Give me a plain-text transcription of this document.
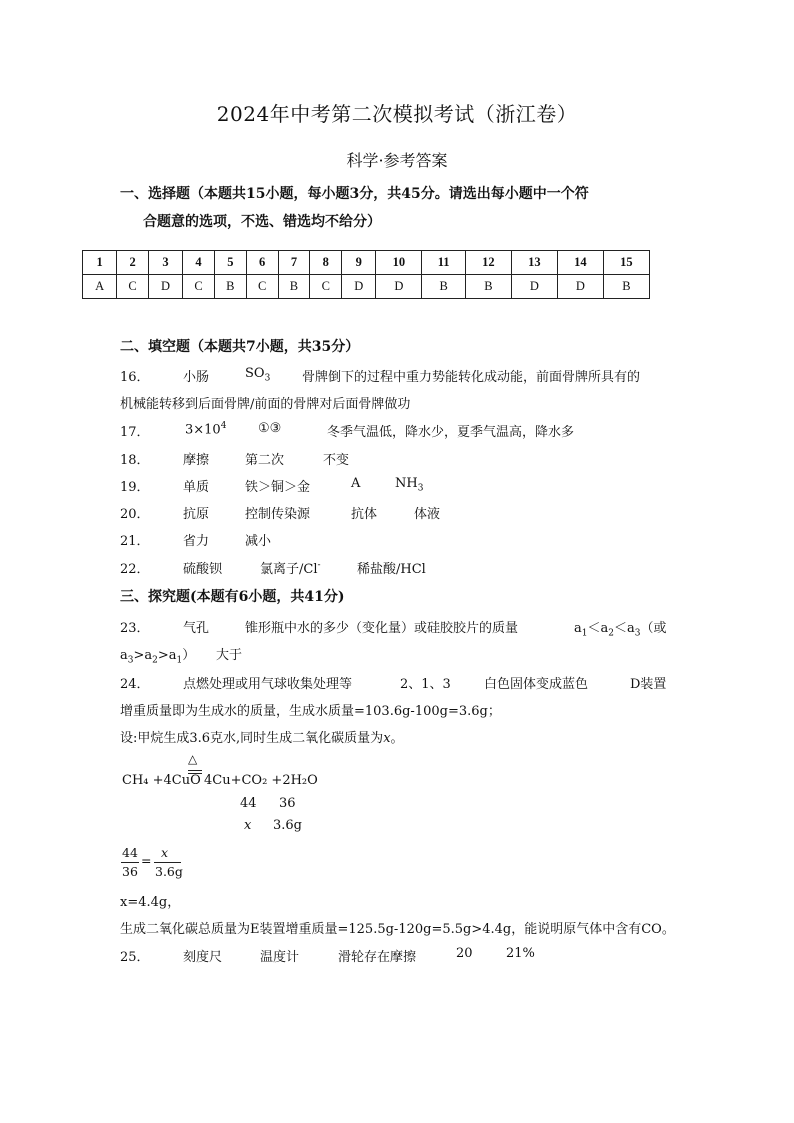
2024年中考第二次模拟考试（浙江卷）
科学·参考答案
一、选择题（本题共15小题，每小题3分，共45分。请选出每小题中一个符
合题意的选项，不选、错选均不给分）
1	2	3	4	5	6	7	8	9	10	11	12	13	14	15
A	C	D	C	B	C	B	C	D	D	B	B	D	D	B
二、填空题（本题共7小题，共35分）
16．	小肠	$SO_3$ 骨牌倒下的过程中重力势能转化成动能，前面骨牌所具有的
机械能转移到后面骨牌/前面的骨牌对后面骨牌做功
17．	$3\times 10^4$ ①③	冬季气温低，降水少，夏季气温高，降水多
18．	摩擦	第二次	不变
19．	单质	铁＞铜＞金	A	$NH_3$
20．	抗原	控制传染源	抗体	体液
21．	省力	减小
22．	硫酸钡	氯离子/Cl-	稀盐酸/HCl
三、探究题(本题有6小题，共41分)
23．	气孔	锥形瓶中水的多少（变化量）或硅胶胶片的质量	$a_1<a_2<a_3$（或
$a_3>a_2>a_1$） 大于
24．	点燃处理或用气球收集处理等	2、1、3	白色固体变成蓝色	D装置
增重质量即为生成水的质量，生成水质量=103.6g-100g=3.6g；
设:甲烷生成3.6克水,同时生成二氧化碳质量为x。
△
CH₄ +4CuO 4Cu+CO₂ +2H₂O
44 36
x 3.6g
44
36
=
x
3.6g
x=4.4g，
生成二氧化碳总质量为E装置增重质量=125.5g-120g=5.5g>4.4g，能说明原气体中含有CO。
25．	刻度尺	温度计	滑轮存在摩擦	20	21%
